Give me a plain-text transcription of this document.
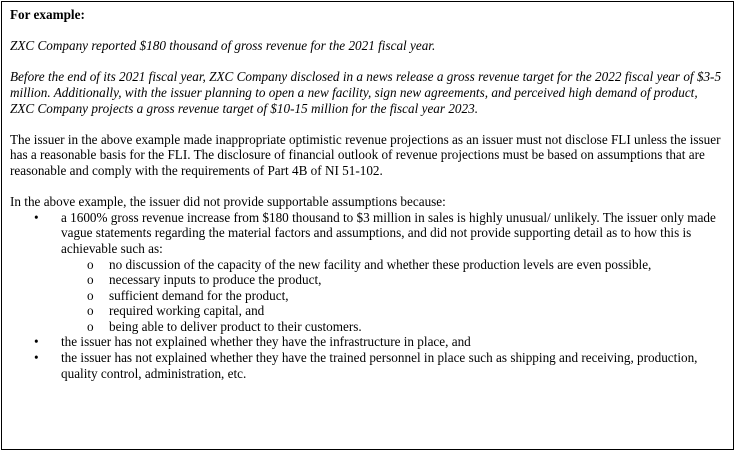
For example:

ZXC Company reported $180 thousand of gross revenue for the 2021 fiscal year.

Before the end of its 2021 fiscal year, ZXC Company disclosed in a news release a gross revenue target for the 2022 fiscal year of $3-5 million. Additionally, with the issuer planning to open a new facility, sign new agreements, and perceived high demand of product, ZXC Company projects a gross revenue target of $10-15 million for the fiscal year 2023.

The issuer in the above example made inappropriate optimistic revenue projections as an issuer must not disclose FLI unless the issuer has a reasonable basis for the FLI. The disclosure of financial outlook of revenue projections must be based on assumptions that are reasonable and comply with the requirements of Part 4B of NI 51-102.

In the above example, the issuer did not provide supportable assumptions because:

• a 1600% gross revenue increase from $180 thousand to $3 million in sales is highly unusual/ unlikely. The issuer only made vague statements regarding the material factors and assumptions, and did not provide supporting detail as to how this is achievable such as:
o no discussion of the capacity of the new facility and whether these production levels are even possible,
o necessary inputs to produce the product,
o sufficient demand for the product,
o required working capital, and
o being able to deliver product to their customers.
• the issuer has not explained whether they have the infrastructure in place, and
• the issuer has not explained whether they have the trained personnel in place such as shipping and receiving, production, quality control, administration, etc.
